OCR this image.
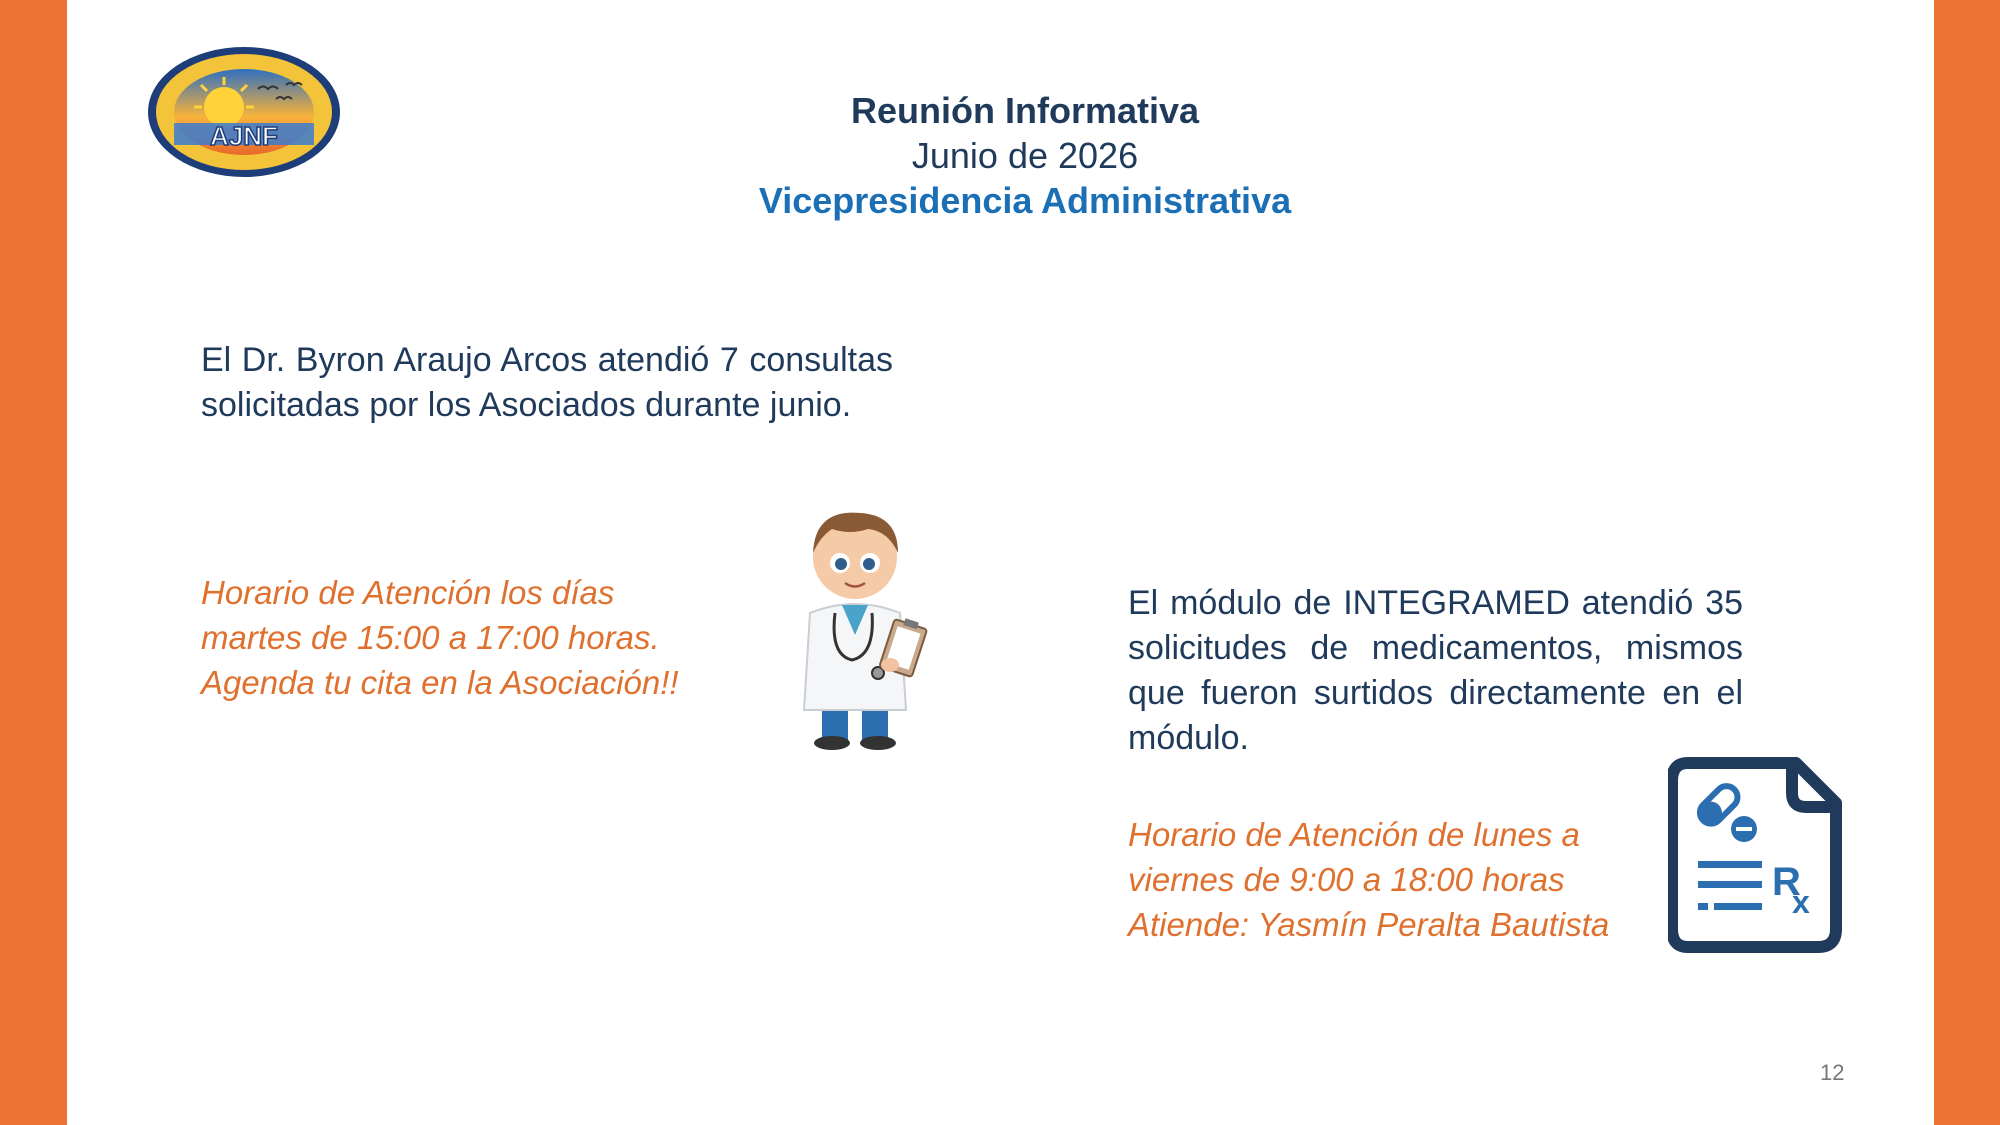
AJNF
Reunión Informativa
Junio de 2026
Vicepresidencia Administrativa

El Dr. Byron Araujo Arcos atendió 7 consultas solicitadas por los Asociados durante junio.

Horario de Atención los días
martes de 15:00 a 17:00 horas.
Agenda tu cita en la Asociación!!

El módulo de INTEGRAMED atendió 35 solicitudes de medicamentos, mismos que fueron surtidos directamente en el módulo.

Horario de Atención de lunes a
viernes de 9:00 a 18:00 horas
Atiende: Yasmín Peralta Bautista
R
x
12
